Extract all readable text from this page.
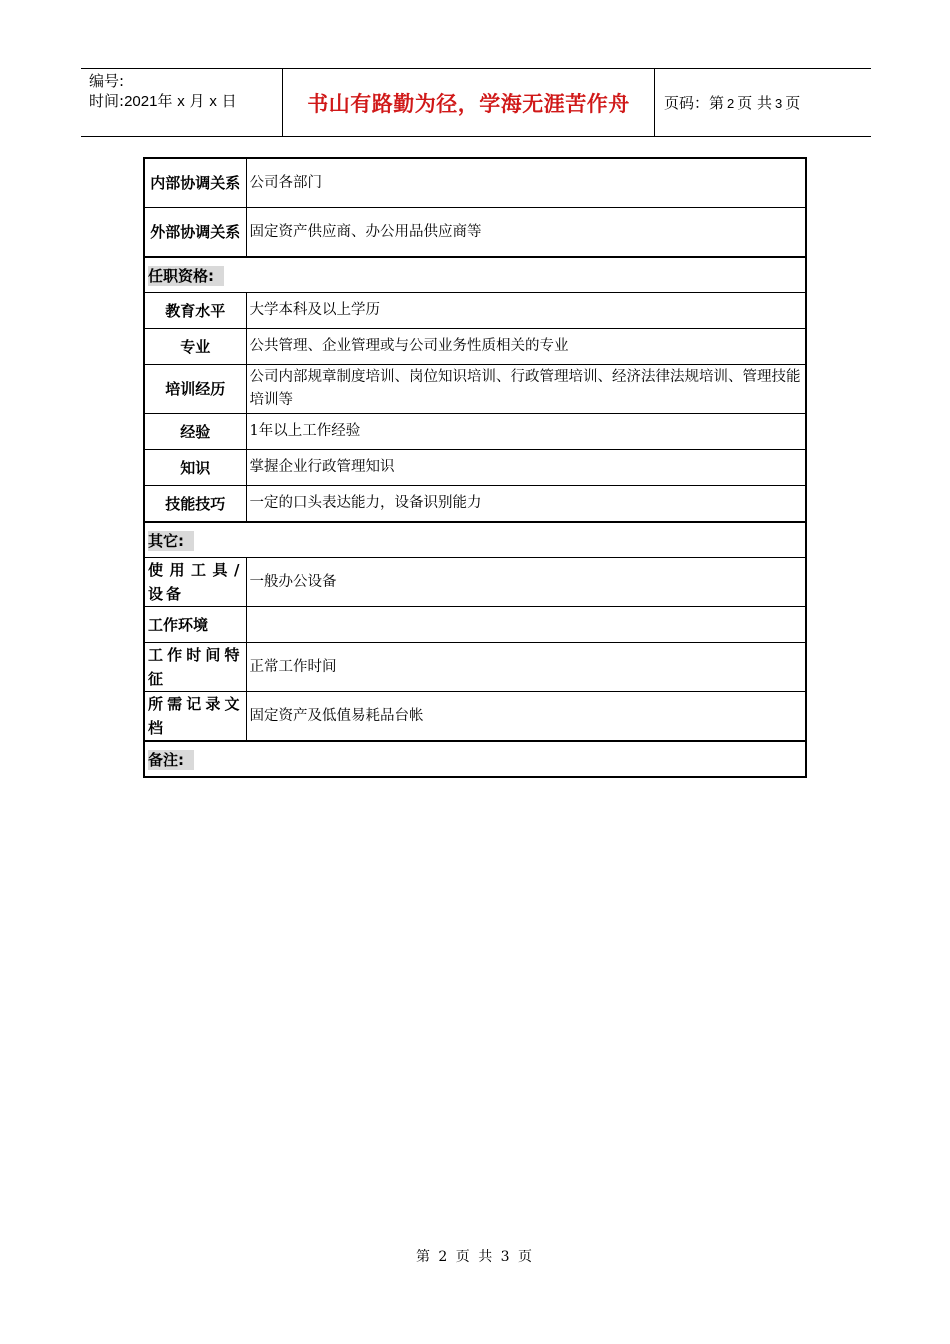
编号:
时间:2021年 x 月 x 日	书山有路勤为径，学海无涯苦作舟	页码：第 2 页 共 3 页
内部协调关系	公司各部门
外部协调关系	固定资产供应商、办公用品供应商等
任职资格:	
教育水平	大学本科及以上学历
专业	公共管理、企业管理或与公司业务性质相关的专业
培训经历	公司内部规章制度培训、岗位知识培训、行政管理培训、经济法律法规培训、管理技能培训等
经验	1年以上工作经验
知识	掌握企业行政管理知识
技能技巧	一定的口头表达能力，设备识别能力
其它:	
使用工具/设备	一般办公设备
工作环境	
工作时间特征	正常工作时间
所需记录文档	固定资产及低值易耗品台帐
备注:	
第 2 页 共 3 页
